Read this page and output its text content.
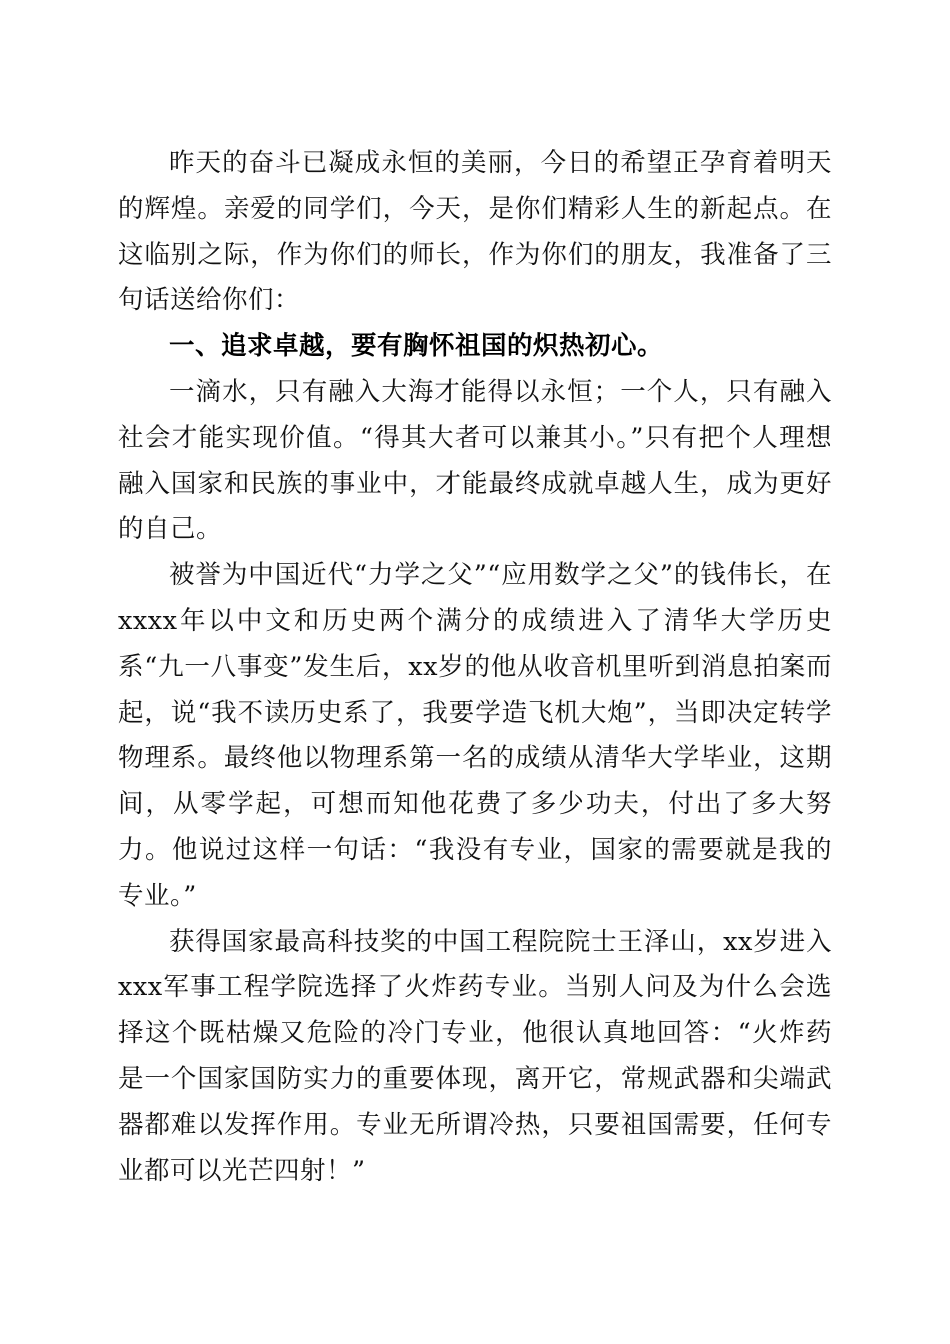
昨天的奋斗已凝成永恒的美丽，今日的希望正孕育着明天的辉煌。亲爱的同学们，今天，是你们精彩人生的新起点。在这临别之际，作为你们的师长，作为你们的朋友，我准备了三句话送给你们：

一、追求卓越，要有胸怀祖国的炽热初心。

一滴水，只有融入大海才能得以永恒；一个人，只有融入社会才能实现价值。“得其大者可以兼其小。”只有把个人理想融入国家和民族的事业中，才能最终成就卓越人生，成为更好的自己。

被誉为中国近代“力学之父”“应用数学之父”的钱伟长，在xxxx年以中文和历史两个满分的成绩进入了清华大学历史系“九一八事变”发生后，xx岁的他从收音机里听到消息拍案而起，说“我不读历史系了，我要学造飞机大炮”，当即决定转学物理系。最终他以物理系第一名的成绩从清华大学毕业，这期间，从零学起，可想而知他花费了多少功夫，付出了多大努力。他说过这样一句话：“我没有专业，国家的需要就是我的专业。”

获得国家最高科技奖的中国工程院院士王泽山，xx岁进入xxx军事工程学院选择了火炸药专业。当别人问及为什么会选择这个既枯燥又危险的冷门专业，他很认真地回答：“火炸药是一个国家国防实力的重要体现，离开它，常规武器和尖端武器都难以发挥作用。专业无所谓冷热，只要祖国需要，任何专业都可以光芒四射！”
